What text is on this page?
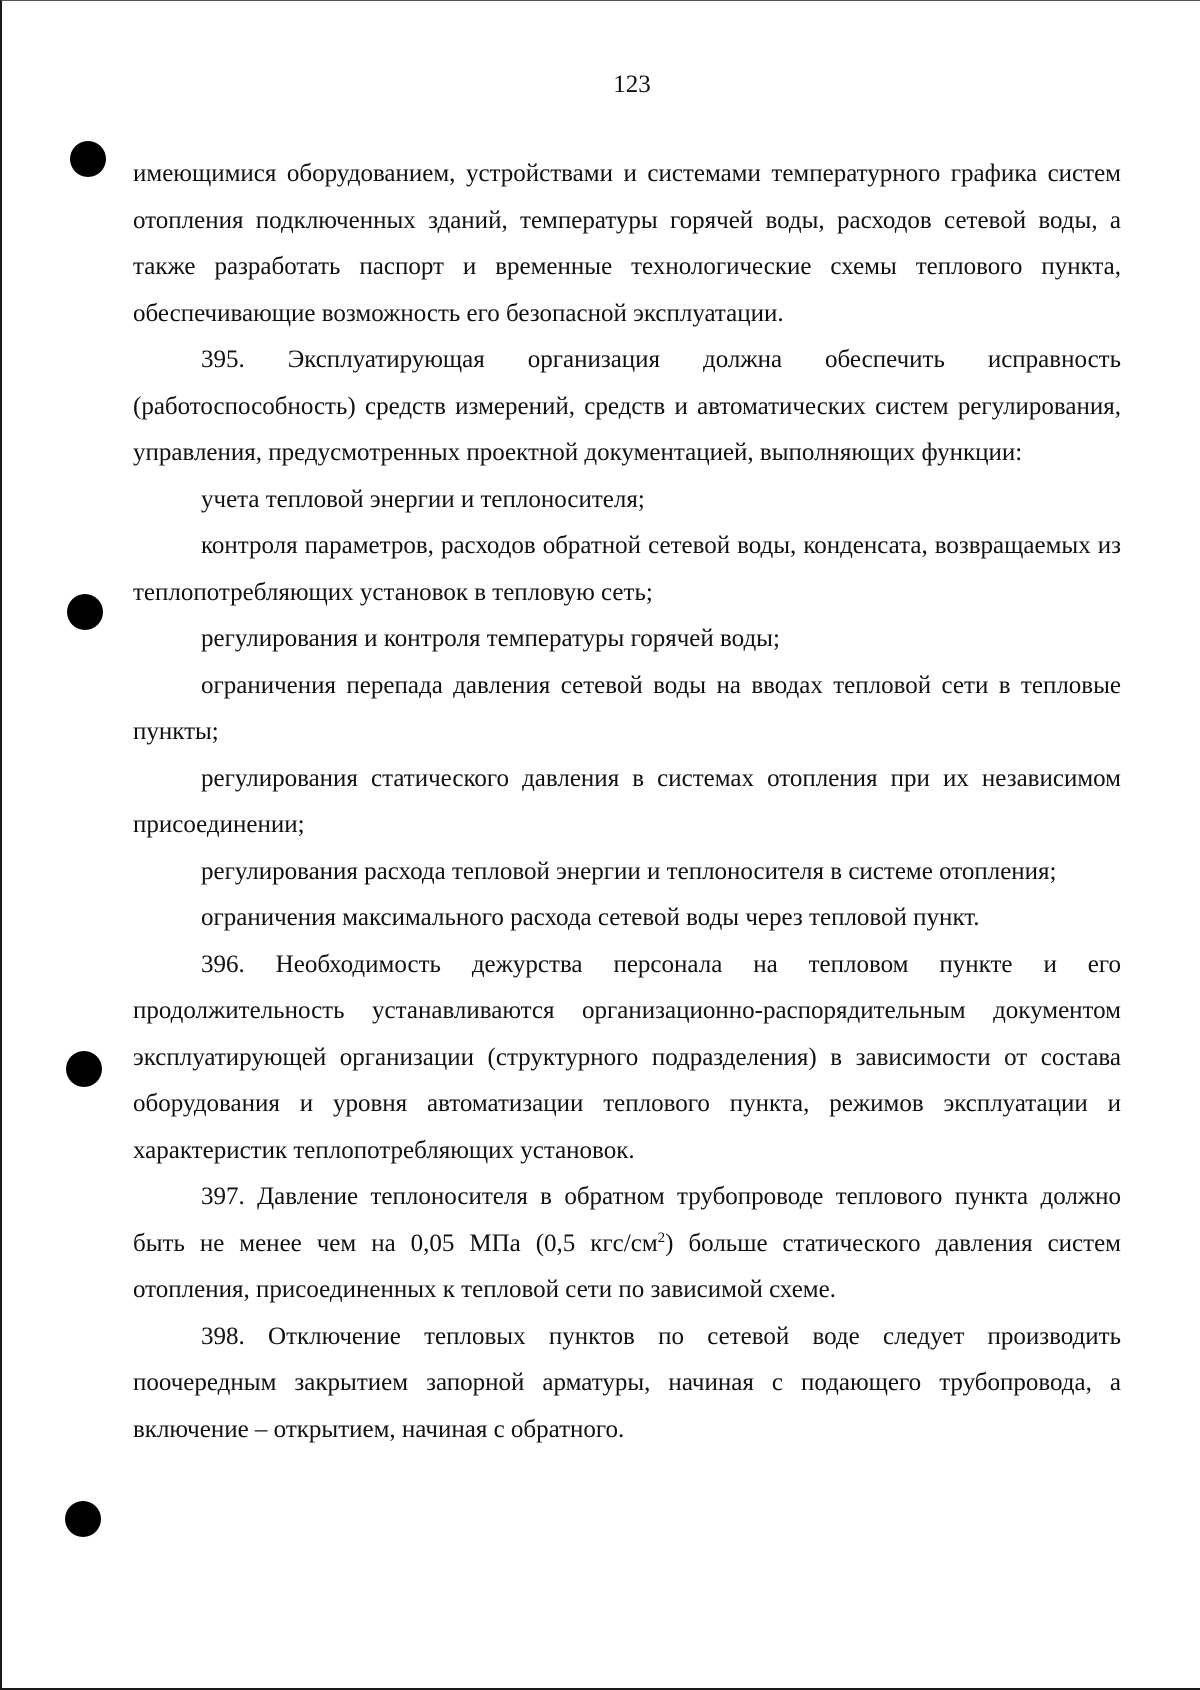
123

имеющимися оборудованием, устройствами и системами температурного графика систем отопления подключенных зданий, температуры горячей воды, расходов сетевой воды, а также разработать паспорт и временные технологические схемы теплового пункта, обеспечивающие возможность его безопасной эксплуатации.

395. Эксплуатирующая организация должна обеспечить исправность (работоспособность) средств измерений, средств и автоматических систем регулирования, управления, предусмотренных проектной документацией, выполняющих функции:

учета тепловой энергии и теплоносителя;

контроля параметров, расходов обратной сетевой воды, конденсата, возвращаемых из теплопотребляющих установок в тепловую сеть;

регулирования и контроля температуры горячей воды;

ограничения перепада давления сетевой воды на вводах тепловой сети в тепловые пункты;

регулирования статического давления в системах отопления при их независимом присоединении;

регулирования расхода тепловой энергии и теплоносителя в системе отопления;

ограничения максимального расхода сетевой воды через тепловой пункт.

396. Необходимость дежурства персонала на тепловом пункте и его продолжительность устанавливаются организационно-распорядительным документом эксплуатирующей организации (структурного подразделения) в зависимости от состава оборудования и уровня автоматизации теплового пункта, режимов эксплуатации и характеристик теплопотребляющих установок.

397. Давление теплоносителя в обратном трубопроводе теплового пункта должно быть не менее чем на 0,05 МПа (0,5 кгс/$см^2$) больше статического давления систем отопления, присоединенных к тепловой сети по зависимой схеме.

398. Отключение тепловых пунктов по сетевой воде следует производить поочередным закрытием запорной арматуры, начиная с подающего трубопровода, а включение – открытием, начиная с обратного.
